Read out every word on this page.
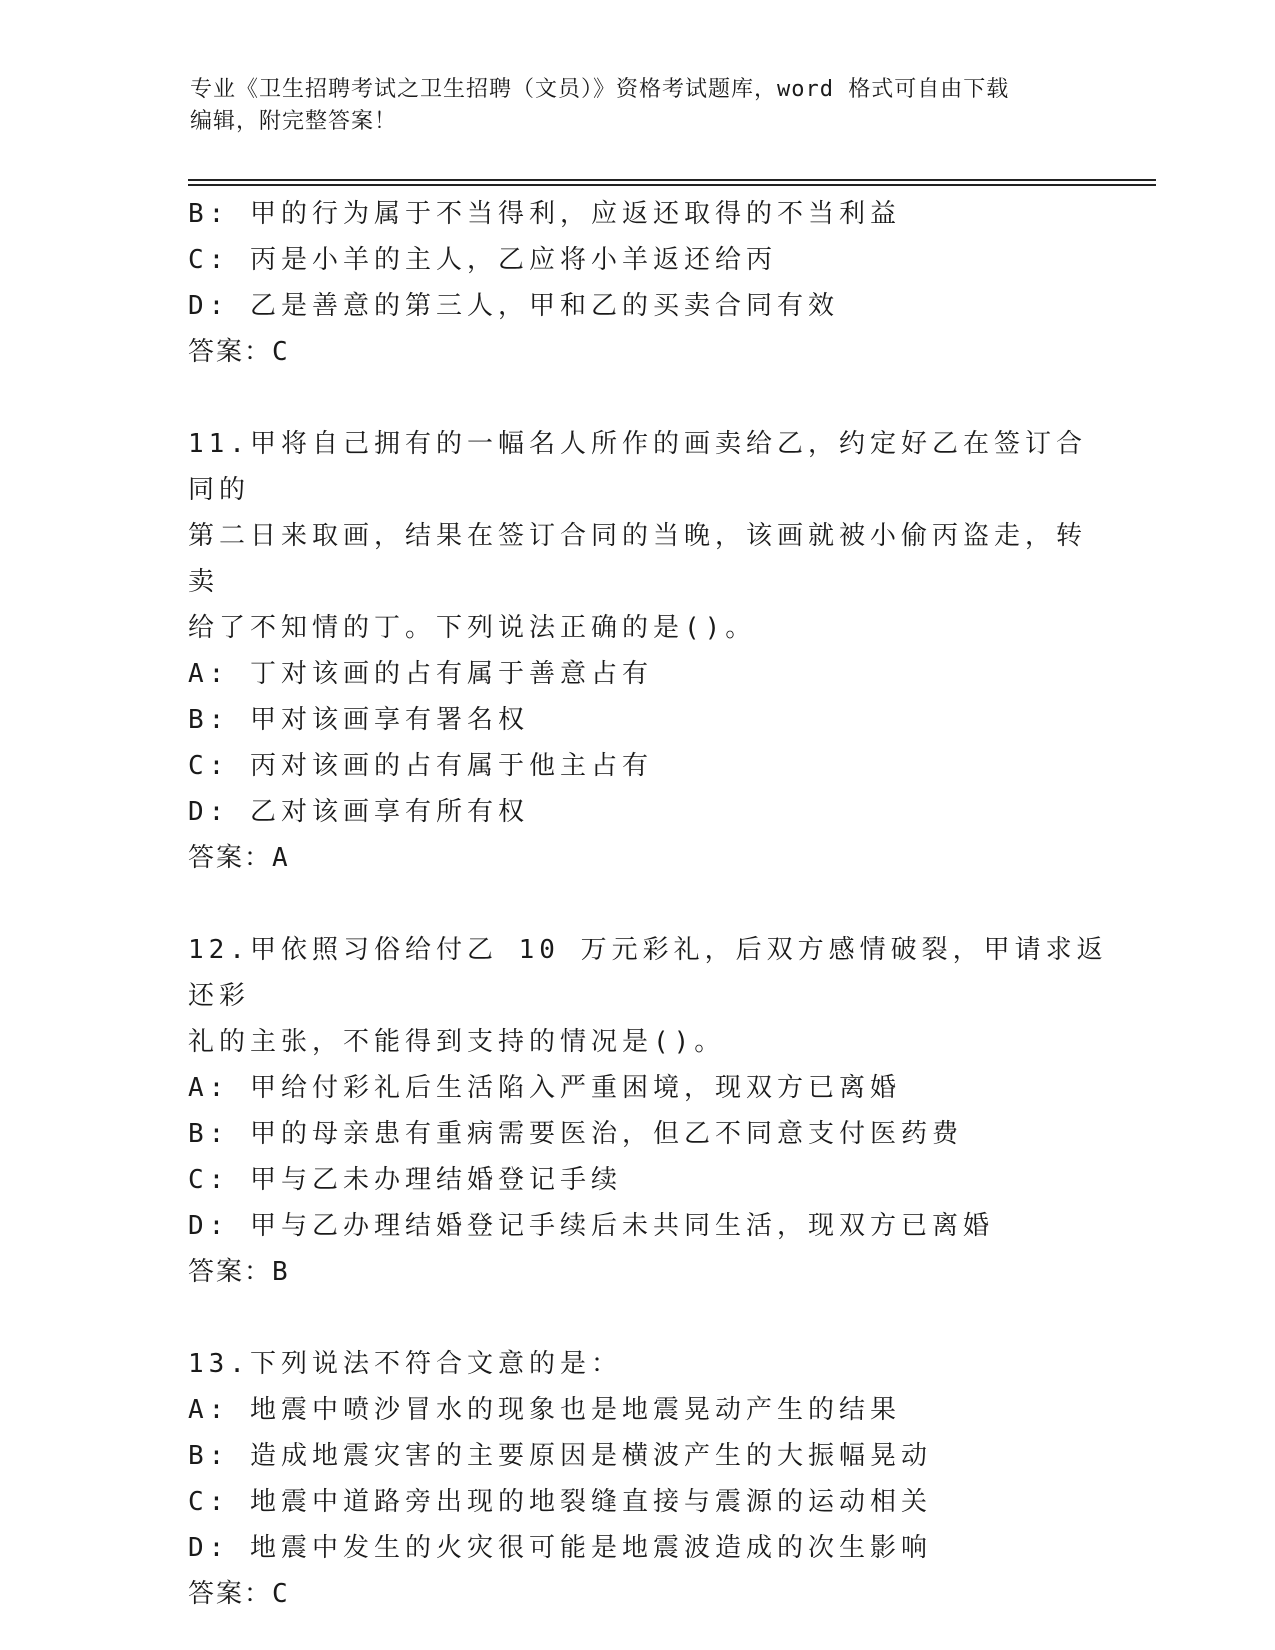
专业《卫生招聘考试之卫生招聘（文员）》资格考试题库，word 格式可自由下载
编辑，附完整答案！
B: 甲的行为属于不当得利，应返还取得的不当利益
C: 丙是小羊的主人，乙应将小羊返还给丙
D: 乙是善意的第三人，甲和乙的买卖合同有效
答案：C
11.甲将自己拥有的一幅名人所作的画卖给乙，约定好乙在签订合同的
第二日来取画，结果在签订合同的当晚，该画就被小偷丙盗走，转卖
给了不知情的丁。下列说法正确的是()。
A: 丁对该画的占有属于善意占有
B: 甲对该画享有署名权
C: 丙对该画的占有属于他主占有
D: 乙对该画享有所有权
答案：A
12.甲依照习俗给付乙 10 万元彩礼，后双方感情破裂，甲请求返还彩
礼的主张，不能得到支持的情况是()。
A: 甲给付彩礼后生活陷入严重困境，现双方已离婚
B: 甲的母亲患有重病需要医治，但乙不同意支付医药费
C: 甲与乙未办理结婚登记手续
D: 甲与乙办理结婚登记手续后未共同生活，现双方已离婚
答案：B
13.下列说法不符合文意的是：
A: 地震中喷沙冒水的现象也是地震晃动产生的结果
B: 造成地震灾害的主要原因是横波产生的大振幅晃动
C: 地震中道路旁出现的地裂缝直接与震源的运动相关
D: 地震中发生的火灾很可能是地震波造成的次生影响
答案：C
